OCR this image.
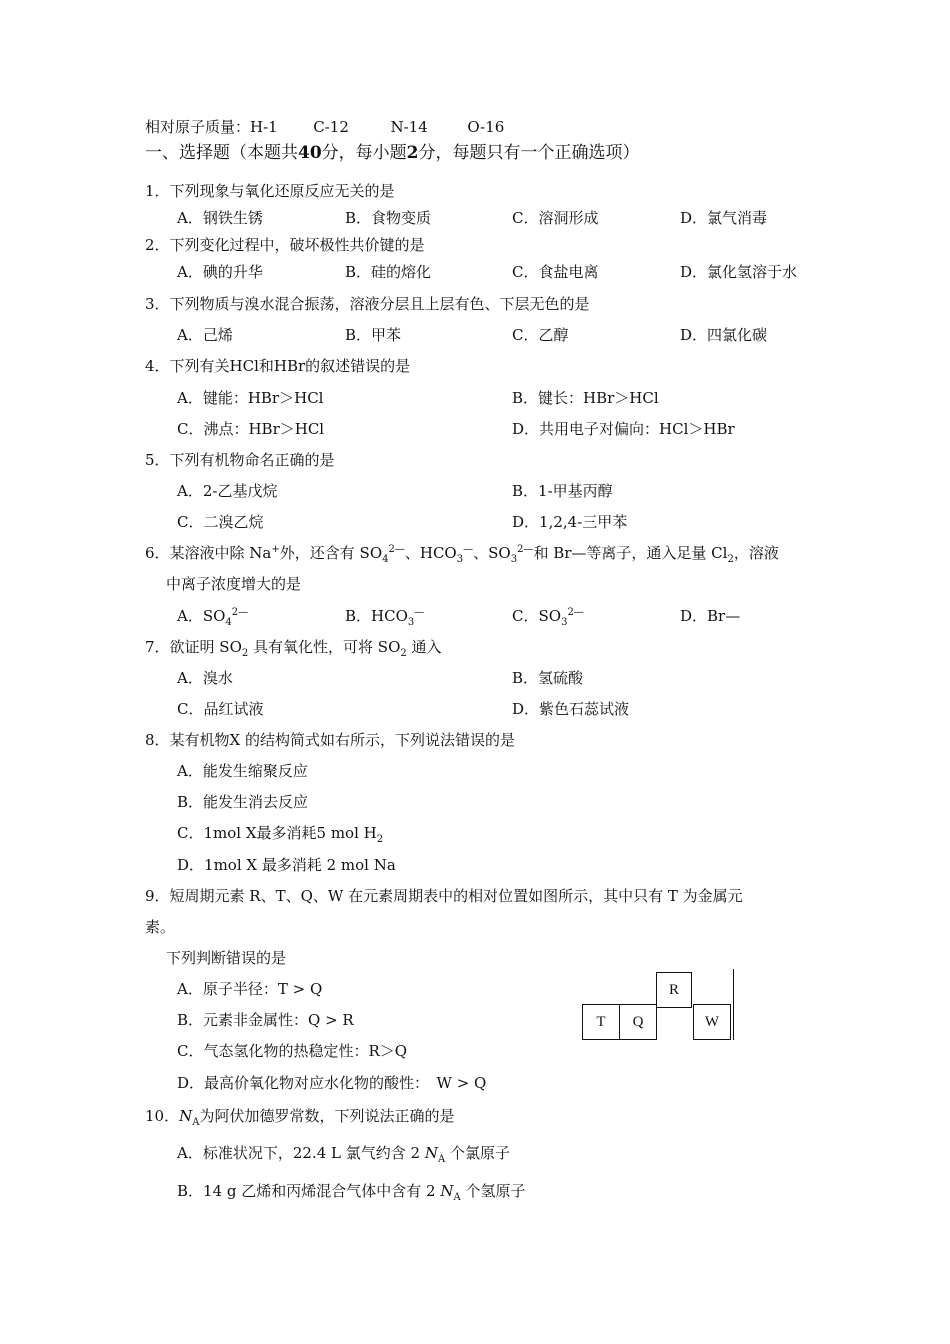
相对原子质量：H-1 C-12	N-14	O-16
一、选择题（本题共40分，每小题2分，每题只有一个正确选项）
1．下列现象与氧化还原反应无关的是
A．钢铁生锈	B．食物变质	C．溶洞形成	D．氯气消毒
2．下列变化过程中，破坏极性共价键的是
A．碘的升华	B．硅的熔化	C．食盐电离	D．氯化氢溶于水
3．下列物质与溴水混合振荡，溶液分层且上层有色、下层无色的是
A．己烯	B．甲苯	C．乙醇	D．四氯化碳
4．下列有关HCl和HBr的叙述错误的是
A．键能：HBr＞HCl	B．键长：HBr＞HCl
C．沸点：HBr＞HCl	D．共用电子对偏向：HCl＞HBr
5．下列有机物命名正确的是
A．2-乙基戊烷	B．1-甲基丙醇
C．二溴乙烷	D．1,2,4-三甲苯
6．某溶液中除 Na+外，还含有 $SO_4^{2—}$、$HCO_3^—$、$SO_3^{2—}$和 Br—等离子，通入足量 $Cl_2$，溶液
中离子浓度增大的是
A．$SO_4^{2—}$	B．$HCO_3^—$	C．$SO_3^{2—}$	D．Br—
7．欲证明 $SO_2$ 具有氧化性，可将 $SO_2$ 通入
A．溴水	B．氢硫酸
C．品红试液	D．紫色石蕊试液
8．某有机物X 的结构简式如右所示，下列说法错误的是
A．能发生缩聚反应
B．能发生消去反应
C．1mol X最多消耗5 mol $H_2$
D．1mol X 最多消耗 2 mol Na
9．短周期元素 R、T、Q、W 在元素周期表中的相对位置如图所示，其中只有 T 为金属元
素。
下列判断错误的是
A．原子半径：T > Q
B．元素非金属性：Q > R
C．气态氢化物的热稳定性：R＞Q
D．最高价氧化物对应水化物的酸性：　W > Q
R
T	Q	W
10．$N_A$为阿伏加德罗常数，下列说法正确的是
A．标准状况下，22.4 L 氯气约含 2 $N_A$ 个氯原子
B．14 g 乙烯和丙烯混合气体中含有 2 $N_A$ 个氢原子
